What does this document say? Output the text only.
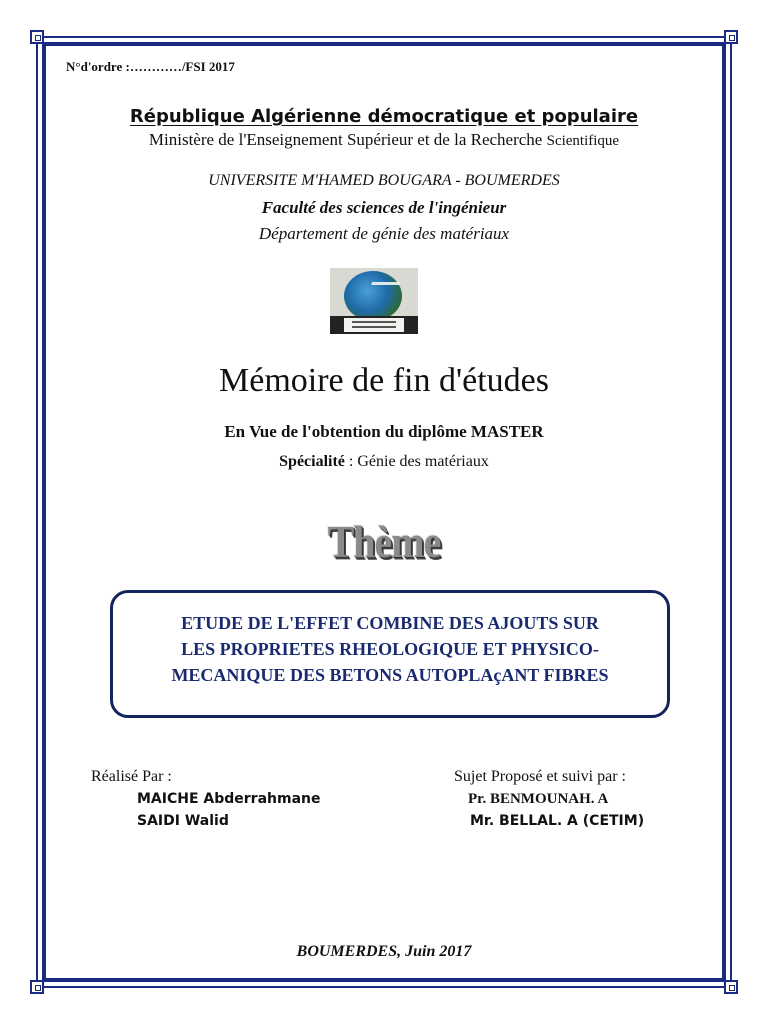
N°d'ordre :…………/FSI 2017
République Algérienne démocratique et populaire
Ministère de l'Enseignement Supérieur et de la Recherche Scientifique
UNIVERSITE M'HAMED BOUGARA - BOUMERDES
Faculté des sciences de l'ingénieur
Département de génie des matériaux
Mémoire de fin d'études
En Vue de l'obtention du diplôme MASTER
Spécialité : Génie des matériaux
Thème
ETUDE DE L'EFFET COMBINE DES AJOUTS SUR
LES PROPRIETES RHEOLOGIQUE ET PHYSICO-
MECANIQUE DES BETONS AUTOPLAçANT FIBRES
Réalisé Par :	Sujet Proposé et suivi par :
MAICHE Abderrahmane
SAIDI Walid
Pr. BENMOUNAH. A
Mr. BELLAL. A (CETIM)
BOUMERDES, Juin 2017
